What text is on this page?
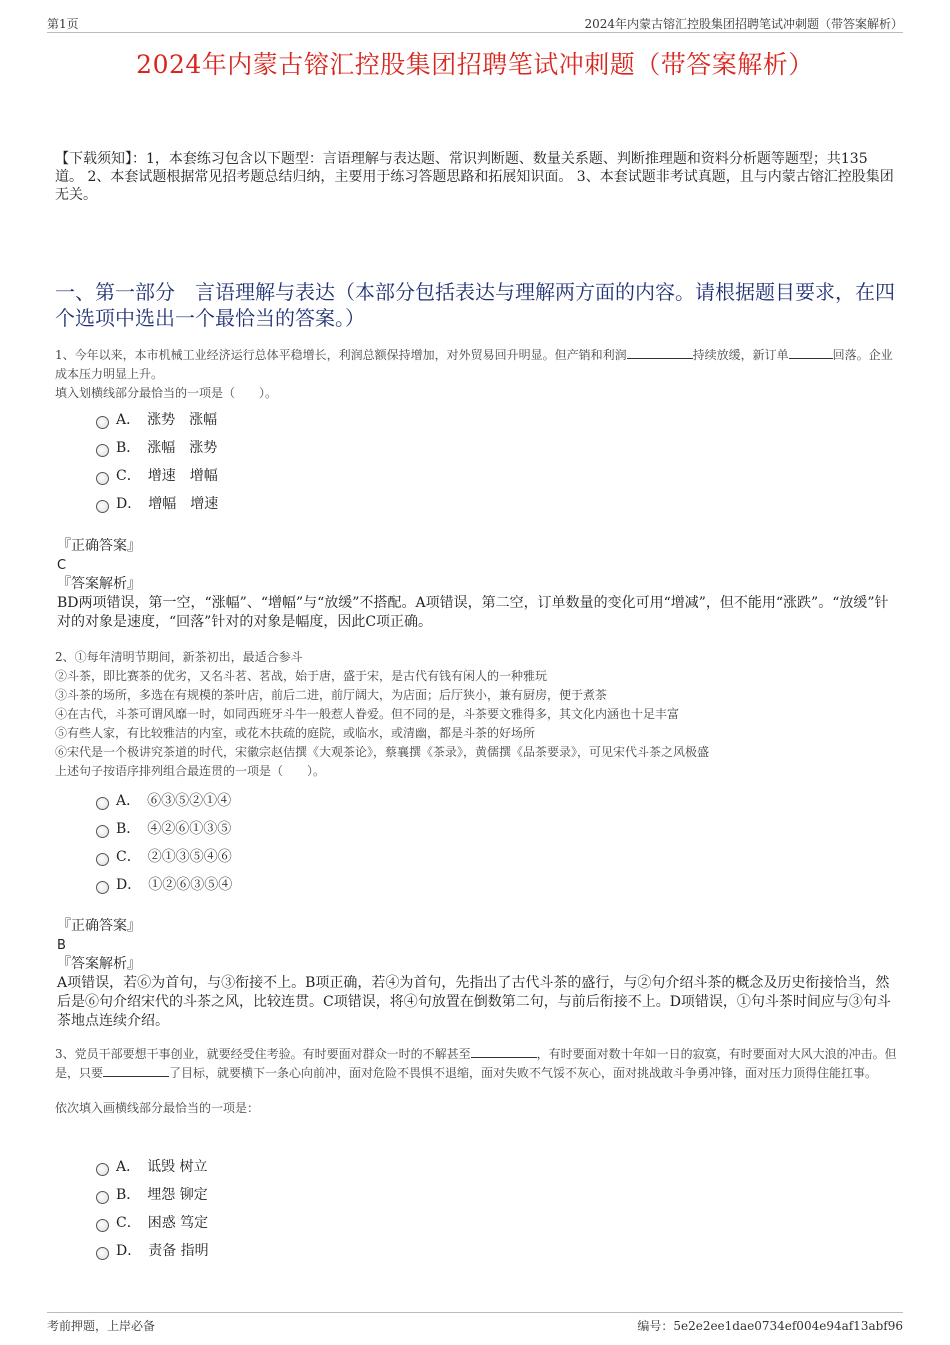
第1页	2024年内蒙古镕汇控股集团招聘笔试冲刺题（带答案解析）
2024年内蒙古镕汇控股集团招聘笔试冲刺题（带答案解析）
【下载须知】：1，本套练习包含以下题型：言语理解与表达题、常识判断题、数量关系题、判断推理题和资料分析题等题型；共135道。 2、本套试题根据常见招考题总结归纳，主要用于练习答题思路和拓展知识面。 3、本套试题非考试真题，且与内蒙古镕汇控股集团无关。
一、第一部分　言语理解与表达（本部分包括表达与理解两方面的内容。请根据题目要求，在四个选项中选出一个最恰当的答案。）
1、今年以来，本市机械工业经济运行总体平稳增长，利润总额保持增加，对外贸易回升明显。但产销和利润	持续放缓，新订单	回落。企业成本压力明显上升。
填入划横线部分最恰当的一项是（　　）。
A．　涨势　涨幅
B．　涨幅　涨势
C．　增速　增幅
D．　增幅　增速
『正确答案』
C
『答案解析』
BD两项错误，第一空，“涨幅”、“增幅”与“放缓”不搭配。A项错误，第二空，订单数量的变化可用“增减”，但不能用“涨跌”。“放缓”针对的对象是速度，“回落”针对的对象是幅度，因此C项正确。
2、①每年清明节期间，新茶初出，最适合参斗
②斗茶，即比赛茶的优劣，又名斗茗、茗战，始于唐，盛于宋，是古代有钱有闲人的一种雅玩
③斗茶的场所，多选在有规模的茶叶店，前后二进，前厅阔大，为店面；后厅狭小，兼有厨房，便于煮茶
④在古代，斗茶可谓风靡一时，如同西班牙斗牛一般惹人眷爱。但不同的是，斗茶要文雅得多，其文化内涵也十足丰富
⑤有些人家，有比较雅洁的内室，或花木扶疏的庭院，或临水，或清幽，都是斗茶的好场所
⑥宋代是一个极讲究茶道的时代，宋徽宗赵佶撰《大观茶论》，蔡襄撰《茶录》，黄儒撰《品茶要录》，可见宋代斗茶之风极盛
上述句子按语序排列组合最连贯的一项是（　　）。
A．　⑥③⑤②①④
B．　④②⑥①③⑤
C．　②①③⑤④⑥
D．　①②⑥③⑤④
『正确答案』
B
『答案解析』
A项错误，若⑥为首句，与③衔接不上。B项正确，若④为首句，先指出了古代斗茶的盛行，与②句介绍斗茶的概念及历史衔接恰当，然后是⑥句介绍宋代的斗茶之风，比较连贯。C项错误，将④句放置在倒数第二句，与前后衔接不上。D项错误，①句斗茶时间应与③句斗茶地点连续介绍。
3、党员干部要想干事创业，就要经受住考验。有时要面对群众一时的不解甚至	，有时要面对数十年如一日的寂寞，有时要面对大风大浪的冲击。但是，只要	了目标，就要横下一条心向前冲，面对危险不畏惧不退缩，面对失败不气馁不灰心，面对挑战敢斗争勇冲锋，面对压力顶得住能扛事。
依次填入画横线部分最恰当的一项是：
A．　诋毁 树立
B．　埋怨 铆定
C．　困惑 笃定
D．　责备 指明
考前押题，上岸必备	编号：5e2e2ee1dae0734ef004e94af13abf96
